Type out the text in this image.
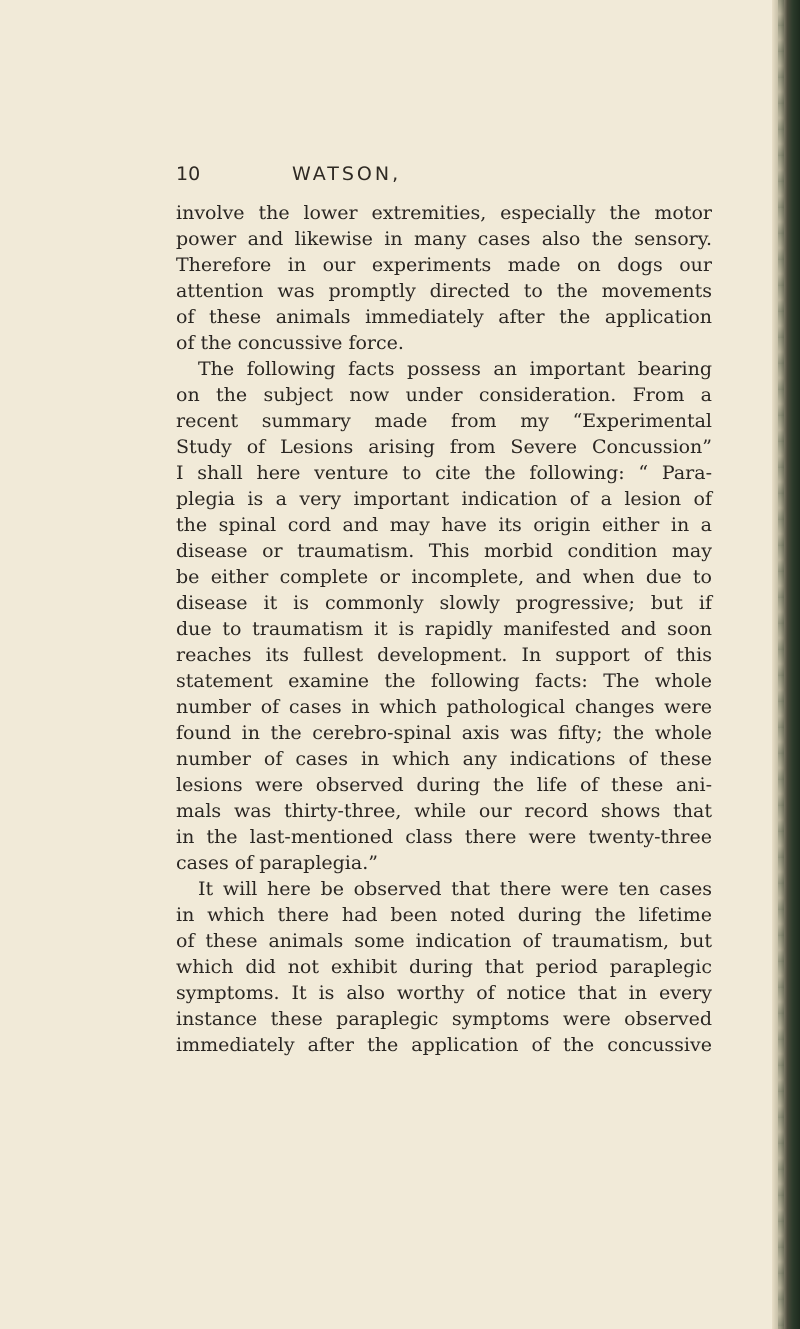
10	WATSON,
involve the lower extremities, especially the motor
power and likewise in many cases also the sensory.
Therefore in our experiments made on dogs our
attention was promptly directed to the movements
of these animals immediately after the application
of the concussive force.
The following facts possess an important bearing
on the subject now under consideration. From a
recent summary made from my “Experimental
Study of Lesions arising from Severe Concussion”
I shall here venture to cite the following: “ Para-
plegia is a very important indication of a lesion of
the spinal cord and may have its origin either in a
disease or traumatism. This morbid condition may
be either complete or incomplete, and when due to
disease it is commonly slowly progressive; but if
due to traumatism it is rapidly manifested and soon
reaches its fullest development. In support of this
statement examine the following facts: The whole
number of cases in which pathological changes were
found in the cerebro-spinal axis was fifty; the whole
number of cases in which any indications of these
lesions were observed during the life of these ani-
mals was thirty-three, while our record shows that
in the last-mentioned class there were twenty-three
cases of paraplegia.”
It will here be observed that there were ten cases
in which there had been noted during the lifetime
of these animals some indication of traumatism, but
which did not exhibit during that period paraplegic
symptoms. It is also worthy of notice that in every
instance these paraplegic symptoms were observed
immediately after the application of the concussive
